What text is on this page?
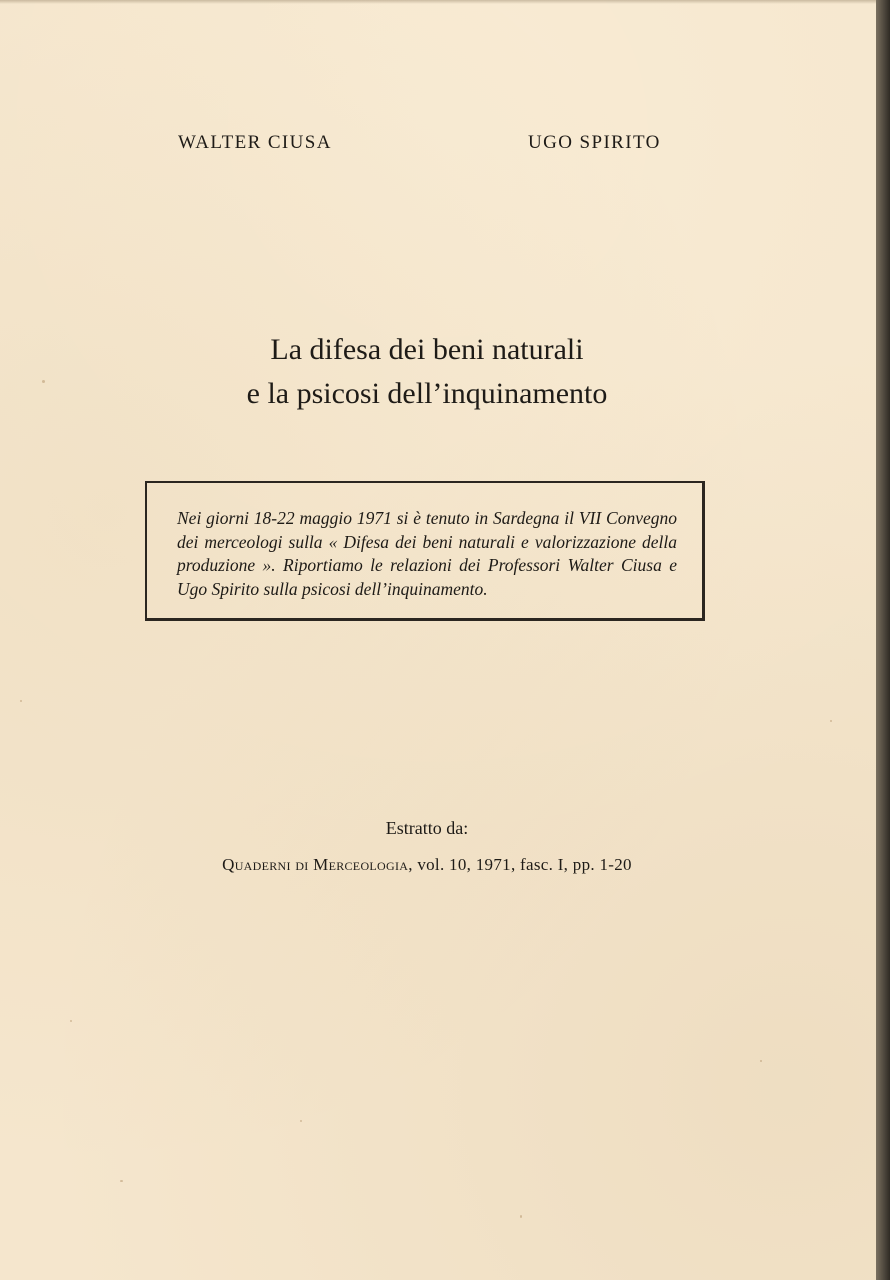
WALTER CIUSA	UGO SPIRITO
La difesa dei beni naturali
e la psicosi dell’inquinamento

Nei giorni 18-22 maggio 1971 si è tenuto in Sardegna il VII Convegno dei merceologi sulla « Difesa dei beni naturali e valorizzazione della produzione ». Riportiamo le relazioni dei Professori Walter Ciusa e Ugo Spirito sulla psicosi dell’inquinamento.

Estratto da:
Quaderni di Merceologia, vol. 10, 1971, fasc. I, pp. 1-20
